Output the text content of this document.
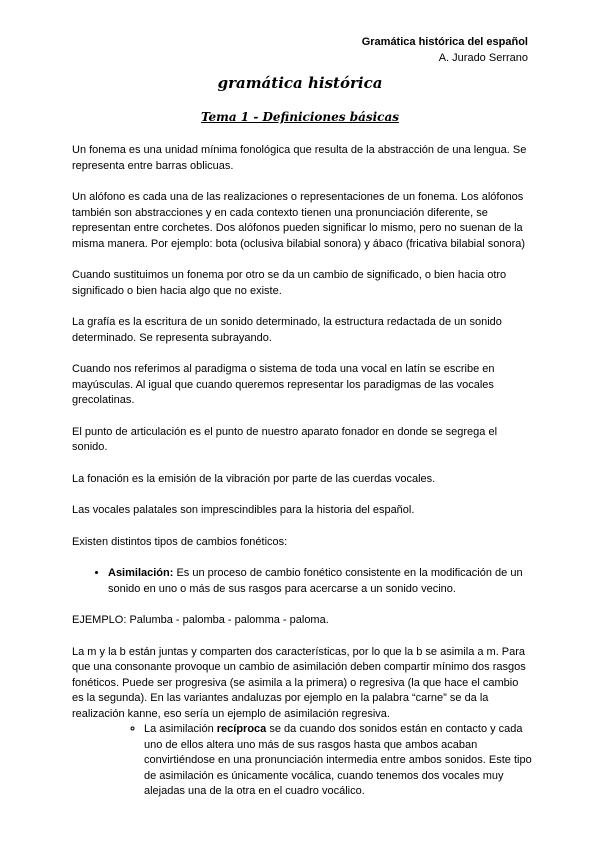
Gramática histórica del español
A. Jurado Serrano
gramática histórica
Tema 1 - Definiciones básicas

Un fonema es una unidad mínima fonológica que resulta de la abstracción de una lengua. Se representa entre barras oblicuas.

Un alófono es cada una de las realizaciones o representaciones de un fonema. Los alófonos también son abstracciones y en cada contexto tienen una pronunciación diferente, se representan entre corchetes. Dos alófonos pueden significar lo mismo, pero no suenan de la misma manera. Por ejemplo: bota (oclusiva bilabial sonora) y ábaco (fricativa bilabial sonora)

Cuando sustituimos un fonema por otro se da un cambio de significado, o bien hacia otro significado o bien hacia algo que no existe.

La grafía es la escritura de un sonido determinado, la estructura redactada de un sonido determinado. Se representa subrayando.

Cuando nos referimos al paradigma o sistema de toda una vocal en latín se escribe en mayúsculas. Al igual que cuando queremos representar los paradigmas de las vocales grecolatinas.

El punto de articulación es el punto de nuestro aparato fonador en donde se segrega el sonido.

La fonación es la emisión de la vibración por parte de las cuerdas vocales.

Las vocales palatales son imprescindibles para la historia del español.

Existen distintos tipos de cambios fonéticos:

• Asimilación: Es un proceso de cambio fonético consistente en la modificación de un sonido en uno o más de sus rasgos para acercarse a un sonido vecino.

EJEMPLO: Palumba - palomba - palomma - paloma.

La m y la b están juntas y comparten dos características, por lo que la b se asimila a m. Para que una consonante provoque un cambio de asimilación deben compartir mínimo dos rasgos fonéticos. Puede ser progresiva (se asimila a la primera) o regresiva (la que hace el cambio es la segunda). En las variantes andaluzas por ejemplo en la palabra “carne” se da la realización kanne, eso sería un ejemplo de asimilación regresiva.

◦ La asimilación recíproca se da cuando dos sonidos están en contacto y cada uno de ellos altera uno más de sus rasgos hasta que ambos acaban convirtiéndose en una pronunciación intermedia entre ambos sonidos. Este tipo de asimilación es únicamente vocálica, cuando tenemos dos vocales muy alejadas una de la otra en el cuadro vocálico.
